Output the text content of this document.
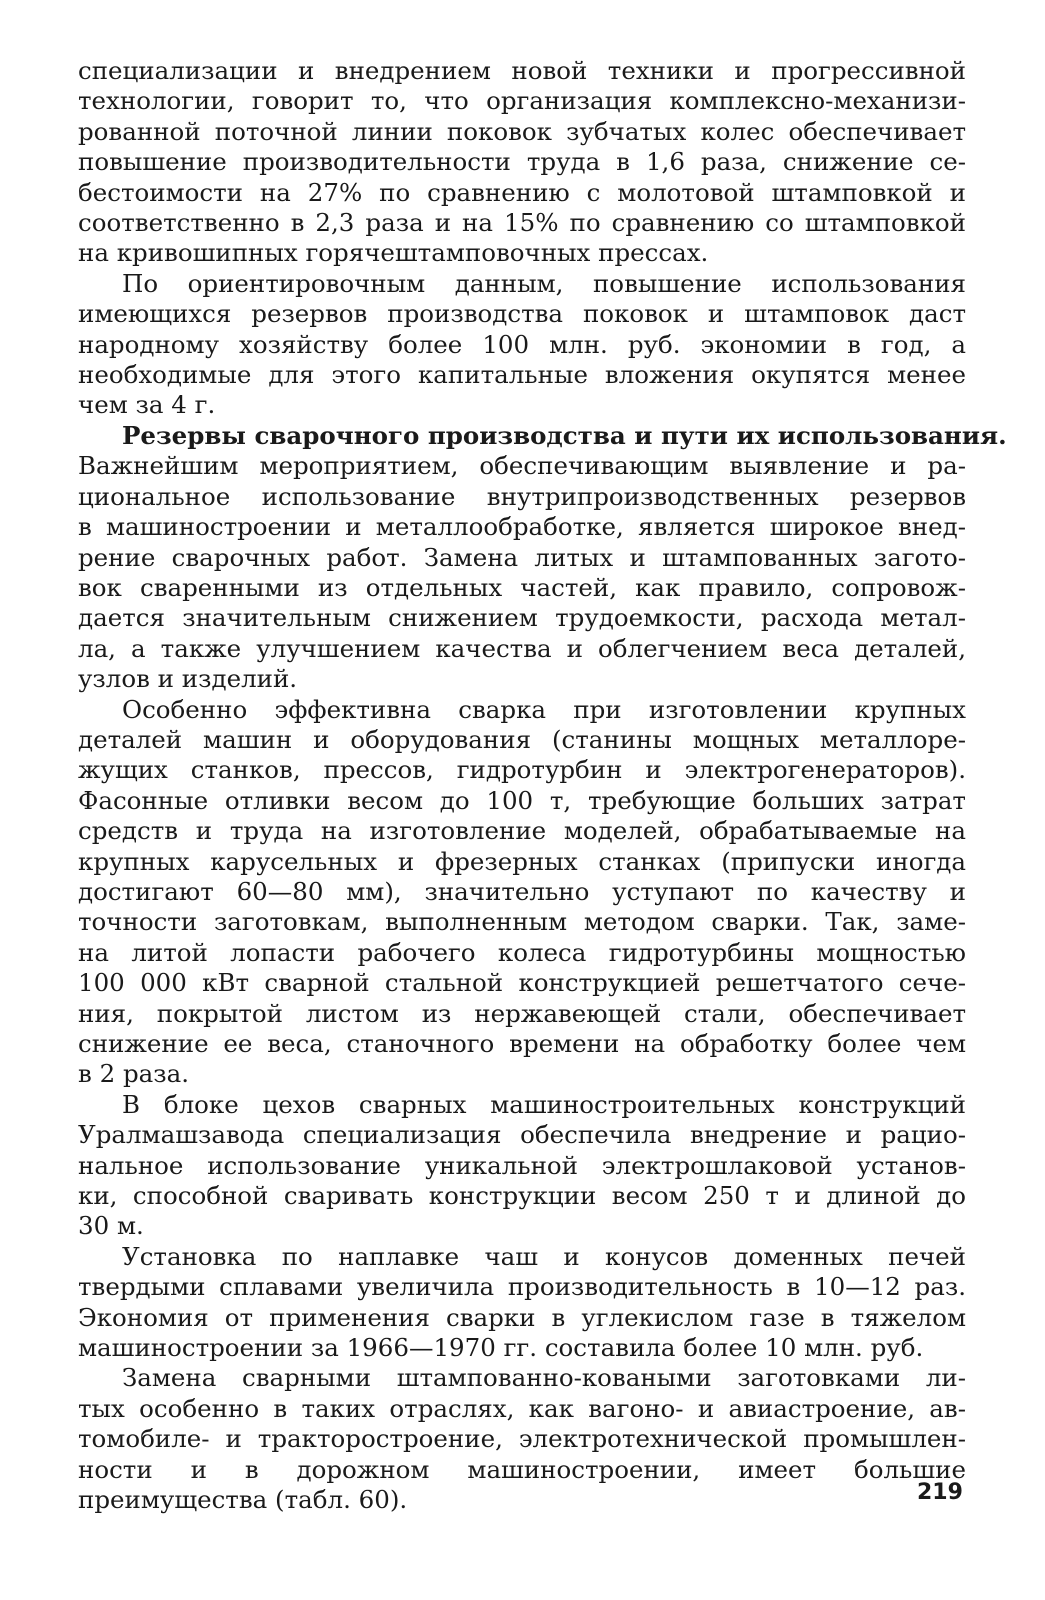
специализации и внедрением новой техники и прогрессивной
технологии, говорит то, что организация комплексно-механизи-
рованной поточной линии поковок зубчатых колес обеспечивает
повышение производительности труда в 1,6 раза, снижение се-
бестоимости на 27% по сравнению с молотовой штамповкой и
соответственно в 2,3 раза и на 15% по сравнению со штамповкой
на кривошипных горячештамповочных прессах.

По ориентировочным данным, повышение использования
имеющихся резервов производства поковок и штамповок даст
народному хозяйству более 100 млн. руб. экономии в год, а
необходимые для этого капитальные вложения окупятся менее
чем за 4 г.

Резервы сварочного производства и пути их использования.
Важнейшим мероприятием, обеспечивающим выявление и ра-
циональное использование внутрипроизводственных резервов
в машиностроении и металлообработке, является широкое внед-
рение сварочных работ. Замена литых и штампованных загото-
вок сваренными из отдельных частей, как правило, сопровож-
дается значительным снижением трудоемкости, расхода метал-
ла, а также улучшением качества и облегчением веса деталей,
узлов и изделий.

Особенно эффективна сварка при изготовлении крупных
деталей машин и оборудования (станины мощных металлоре-
жущих станков, прессов, гидротурбин и электрогенераторов).
Фасонные отливки весом до 100 т, требующие больших затрат
средств и труда на изготовление моделей, обрабатываемые на
крупных карусельных и фрезерных станках (припуски иногда
достигают 60—80 мм), значительно уступают по качеству и
точности заготовкам, выполненным методом сварки. Так, заме-
на литой лопасти рабочего колеса гидротурбины мощностью
100 000 кВт сварной стальной конструкцией решетчатого сече-
ния, покрытой листом из нержавеющей стали, обеспечивает
снижение ее веса, станочного времени на обработку более чем
в 2 раза.

В блоке цехов сварных машиностроительных конструкций
Уралмашзавода специализация обеспечила внедрение и рацио-
нальное использование уникальной электрошлаковой установ-
ки, способной сваривать конструкции весом 250 т и длиной до
30 м.

Установка по наплавке чаш и конусов доменных печей
твердыми сплавами увеличила производительность в 10—12 раз.
Экономия от применения сварки в углекислом газе в тяжелом
машиностроении за 1966—1970 гг. составила более 10 млн. руб.

Замена сварными штампованно-коваными заготовками ли-
тых особенно в таких отраслях, как вагоно- и авиастроение, ав-
томобиле- и тракторостроение, электротехнической промышлен-
ности и в дорожном машиностроении, имеет большие
преимущества (табл. 60).	219
